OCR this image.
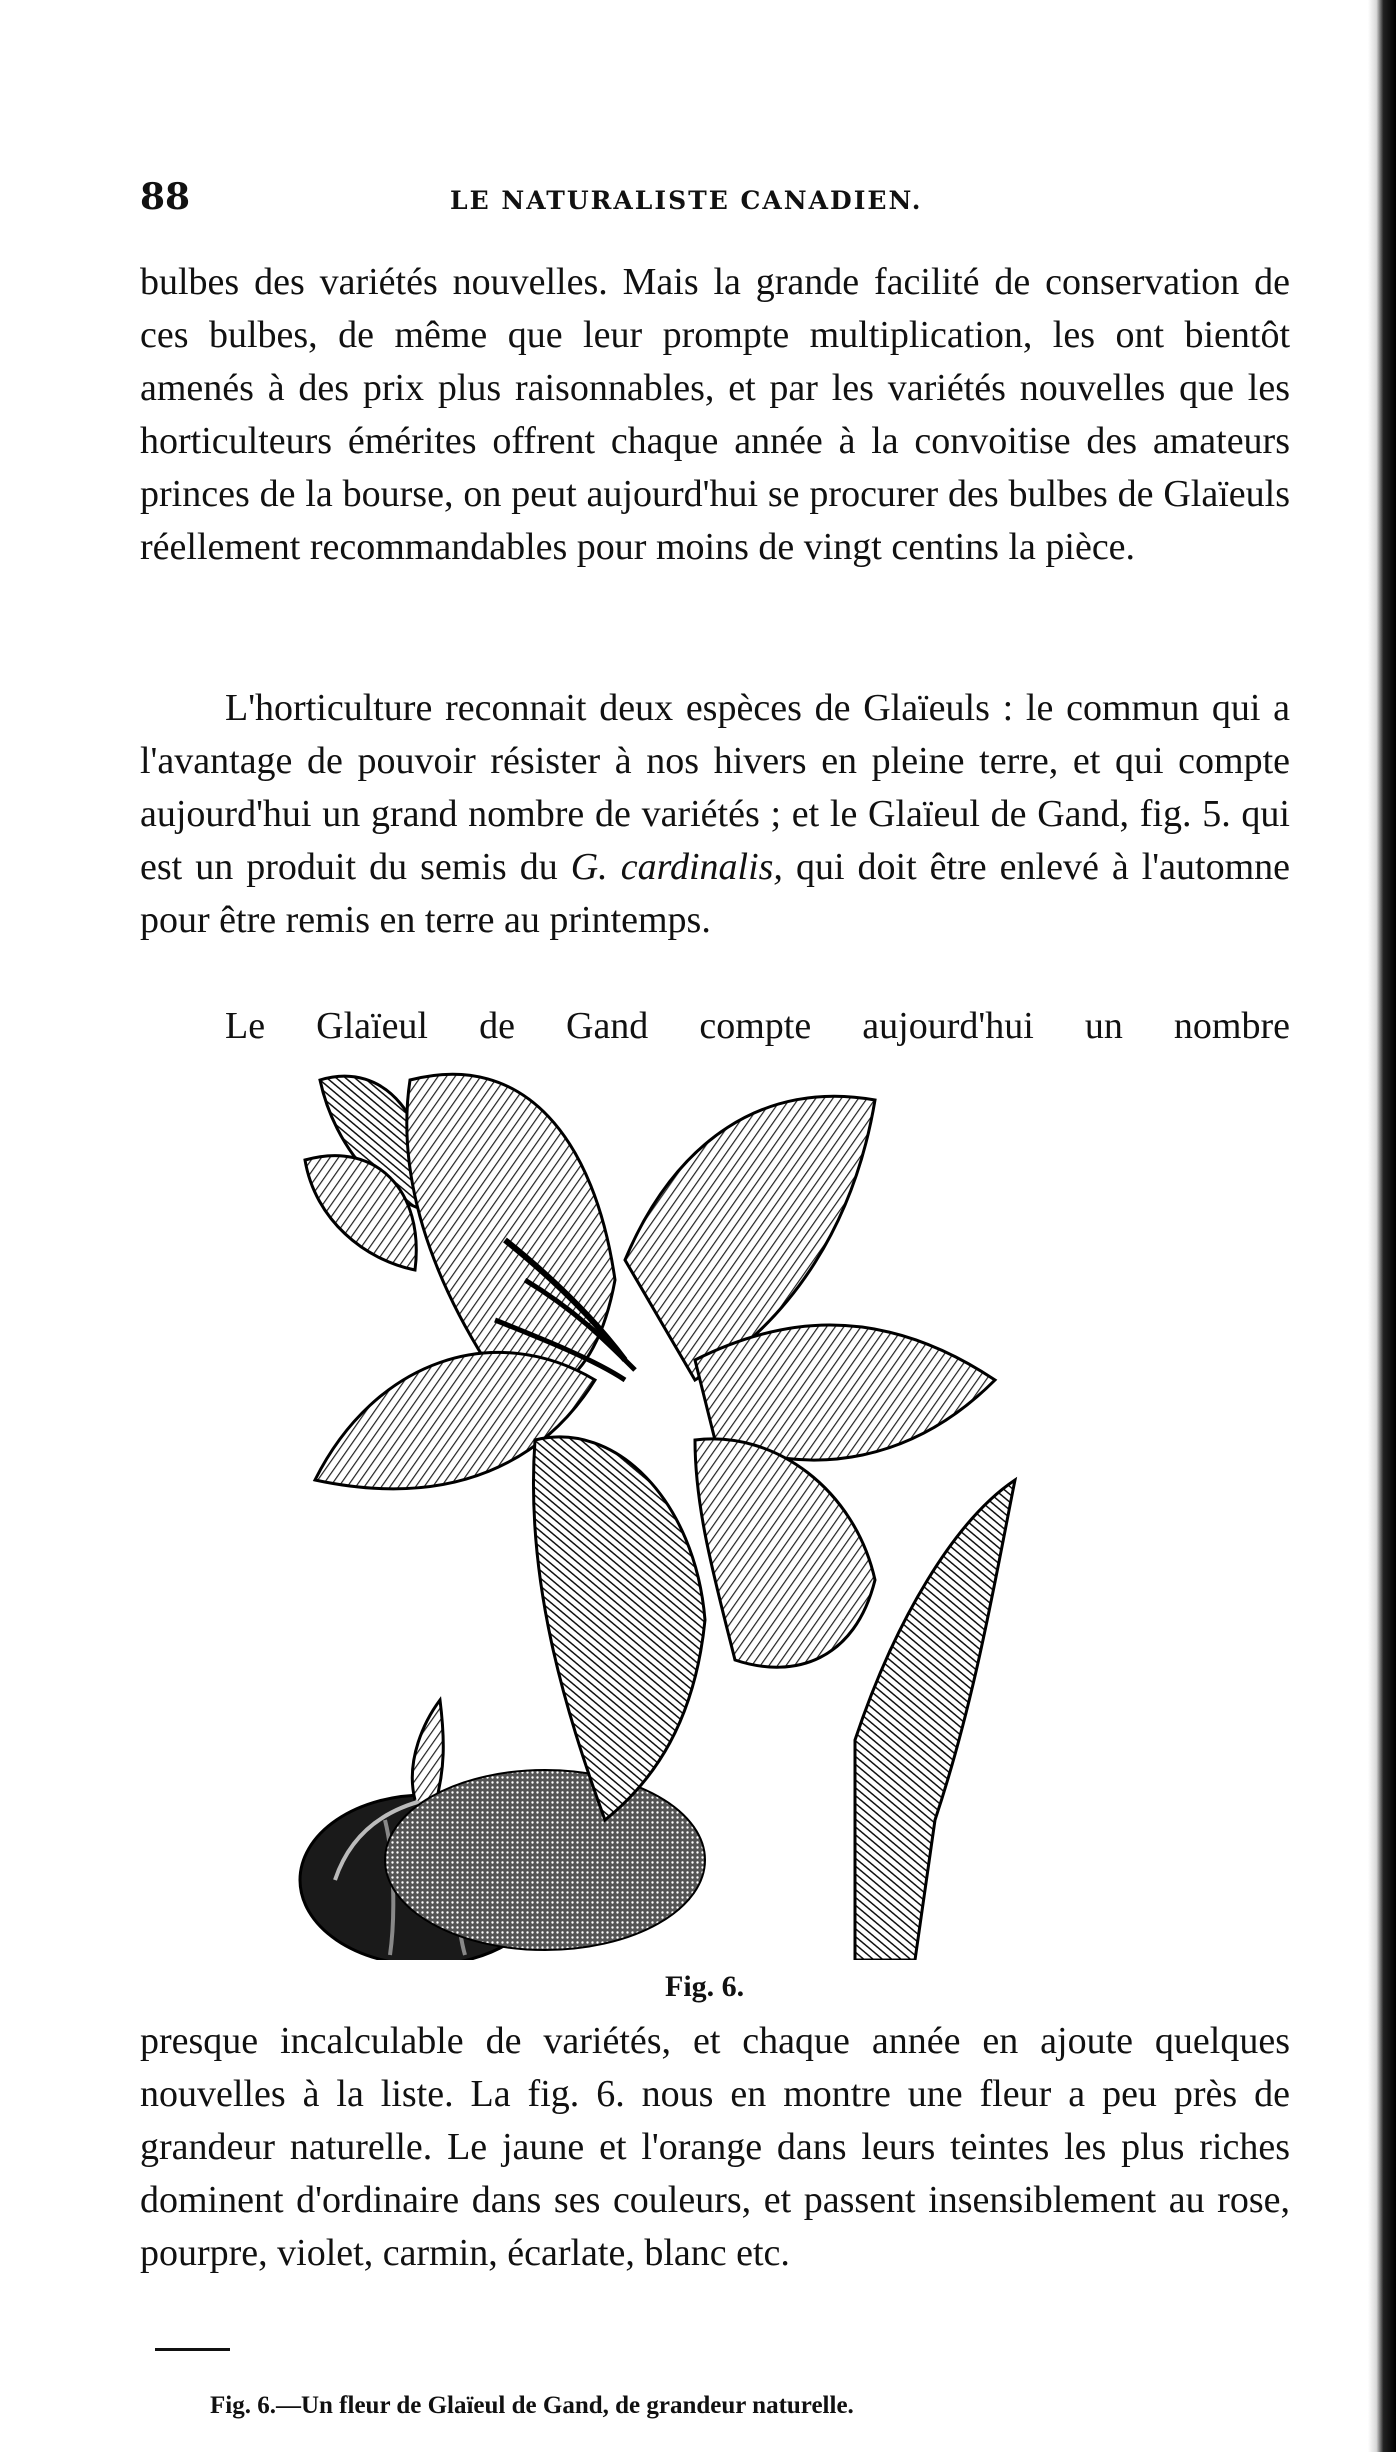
88	LE NATURALISTE CANADIEN.

bulbes des variétés nouvelles. Mais la grande facilité de conservation de ces bulbes, de même que leur prompte multiplication, les ont bientôt amenés à des prix plus raisonnables, et par les variétés nouvelles que les horticulteurs émérites offrent chaque année à la convoitise des amateurs princes de la bourse, on peut aujourd'hui se procurer des bulbes de Glaïeuls réellement recommandables pour moins de vingt centins la pièce.

L'horticulture reconnait deux espèces de Glaïeuls : le commun qui a l'avantage de pouvoir résister à nos hivers en pleine terre, et qui compte aujourd'hui un grand nombre de variétés ; et le Glaïeul de Gand, fig. 5. qui est un produit du semis du G. cardinalis, qui doit être enlevé à l'automne pour être remis en terre au printemps.

Le Glaïeul de Gand compte aujourd'hui un nombre

Fig. 6.

presque incalculable de variétés, et chaque année en ajoute quelques nouvelles à la liste. La fig. 6. nous en montre une fleur a peu près de grandeur naturelle. Le jaune et l'orange dans leurs teintes les plus riches dominent d'ordinaire dans ses couleurs, et passent insensiblement au rose, pourpre, violet, carmin, écarlate, blanc etc.

Fig. 6.—Un fleur de Glaïeul de Gand, de grandeur naturelle.
